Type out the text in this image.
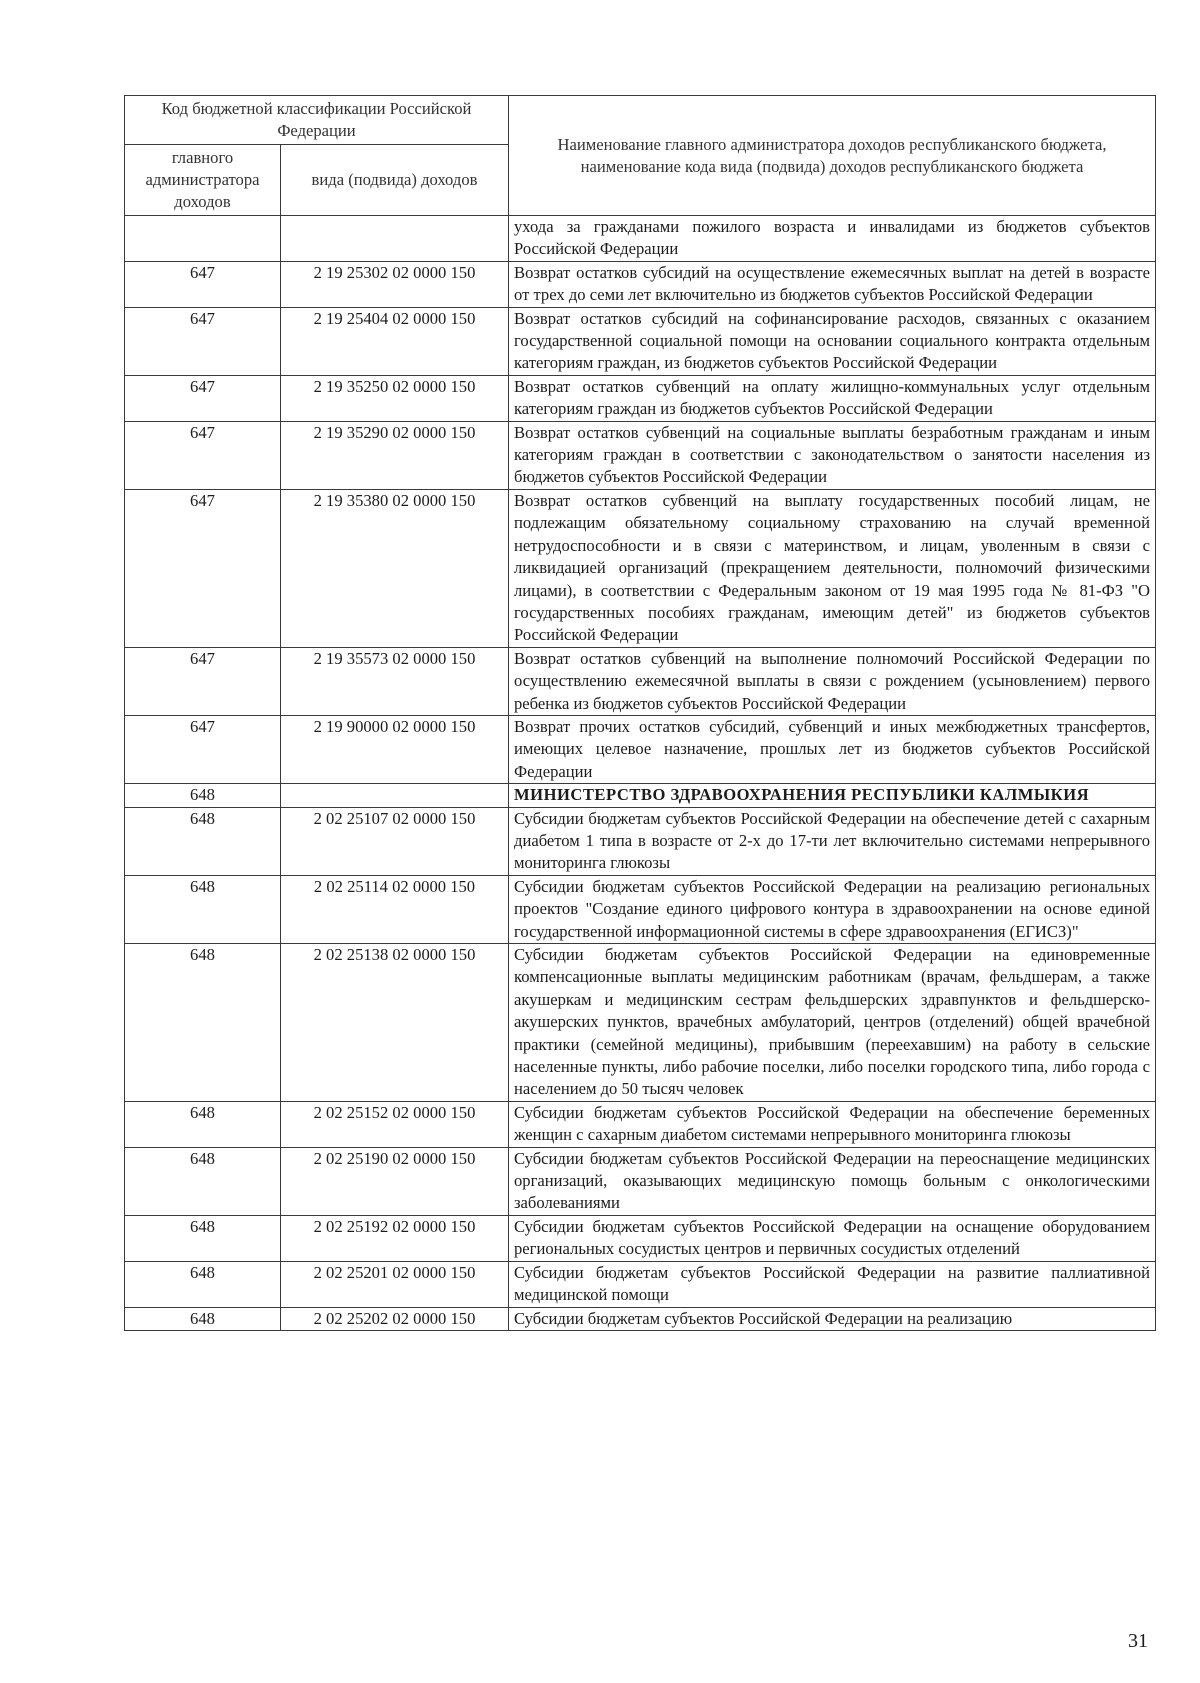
Код бюджетной классификации Российской Федерации		Наименование главного администратора доходов республиканского бюджета, наименование кода вида (подвида) доходов республиканского бюджета
главного администратора доходов	вида (подвида) доходов	
		ухода за гражданами пожилого возраста и инвалидами из бюджетов субъектов Российской Федерации
647	2 19 25302 02 0000 150	Возврат остатков субсидий на осуществление ежемесячных выплат на детей в возрасте от трех до семи лет включительно из бюджетов субъектов Российской Федерации
647	2 19 25404 02 0000 150	Возврат остатков субсидий на софинансирование расходов, связанных с оказанием государственной социальной помощи на основании социального контракта отдельным категориям граждан, из бюджетов субъектов Российской Федерации
647	2 19 35250 02 0000 150	Возврат остатков субвенций на оплату жилищно-коммунальных услуг отдельным категориям граждан из бюджетов субъектов Российской Федерации
647	2 19 35290 02 0000 150	Возврат остатков субвенций на социальные выплаты безработным гражданам и иным категориям граждан в соответствии с законодательством о занятости населения из бюджетов субъектов Российской Федерации
647	2 19 35380 02 0000 150	Возврат остатков субвенций на выплату государственных пособий лицам, не подлежащим обязательному социальному страхованию на случай временной нетрудоспособности и в связи с материнством, и лицам, уволенным в связи с ликвидацией организаций (прекращением деятельности, полномочий физическими лицами), в соответствии с Федеральным законом от 19 мая 1995 года № 81-ФЗ "О государственных пособиях гражданам, имеющим детей" из бюджетов субъектов Российской Федерации
647	2 19 35573 02 0000 150	Возврат остатков субвенций на выполнение полномочий Российской Федерации по осуществлению ежемесячной выплаты в связи с рождением (усыновлением) первого ребенка из бюджетов субъектов Российской Федерации
647	2 19 90000 02 0000 150	Возврат прочих остатков субсидий, субвенций и иных межбюджетных трансфертов, имеющих целевое назначение, прошлых лет из бюджетов субъектов Российской Федерации
648		МИНИСТЕРСТВО ЗДРАВООХРАНЕНИЯ РЕСПУБЛИКИ КАЛМЫКИЯ
648	2 02 25107 02 0000 150	Субсидии бюджетам субъектов Российской Федерации на обеспечение детей с сахарным диабетом 1 типа в возрасте от 2-х до 17-ти лет включительно системами непрерывного мониторинга глюкозы
648	2 02 25114 02 0000 150	Субсидии бюджетам субъектов Российской Федерации на реализацию региональных проектов "Создание единого цифрового контура в здравоохранении на основе единой государственной информационной системы в сфере здравоохранения (ЕГИСЗ)"
648	2 02 25138 02 0000 150	Субсидии бюджетам субъектов Российской Федерации на единовременные компенсационные выплаты медицинским работникам (врачам, фельдшерам, а также акушеркам и медицинским сестрам фельдшерских здравпунктов и фельдшерско-акушерских пунктов, врачебных амбулаторий, центров (отделений) общей врачебной практики (семейной медицины), прибывшим (переехавшим) на работу в сельские населенные пункты, либо рабочие поселки, либо поселки городского типа, либо города с населением до 50 тысяч человек
648	2 02 25152 02 0000 150	Субсидии бюджетам субъектов Российской Федерации на обеспечение беременных женщин с сахарным диабетом системами непрерывного мониторинга глюкозы
648	2 02 25190 02 0000 150	Субсидии бюджетам субъектов Российской Федерации на переоснащение медицинских организаций, оказывающих медицинскую помощь больным с онкологическими заболеваниями
648	2 02 25192 02 0000 150	Субсидии бюджетам субъектов Российской Федерации на оснащение оборудованием региональных сосудистых центров и первичных сосудистых отделений
648	2 02 25201 02 0000 150	Субсидии бюджетам субъектов Российской Федерации на развитие паллиативной медицинской помощи
648	2 02 25202 02 0000 150	Субсидии бюджетам субъектов Российской Федерации на реализацию
31
